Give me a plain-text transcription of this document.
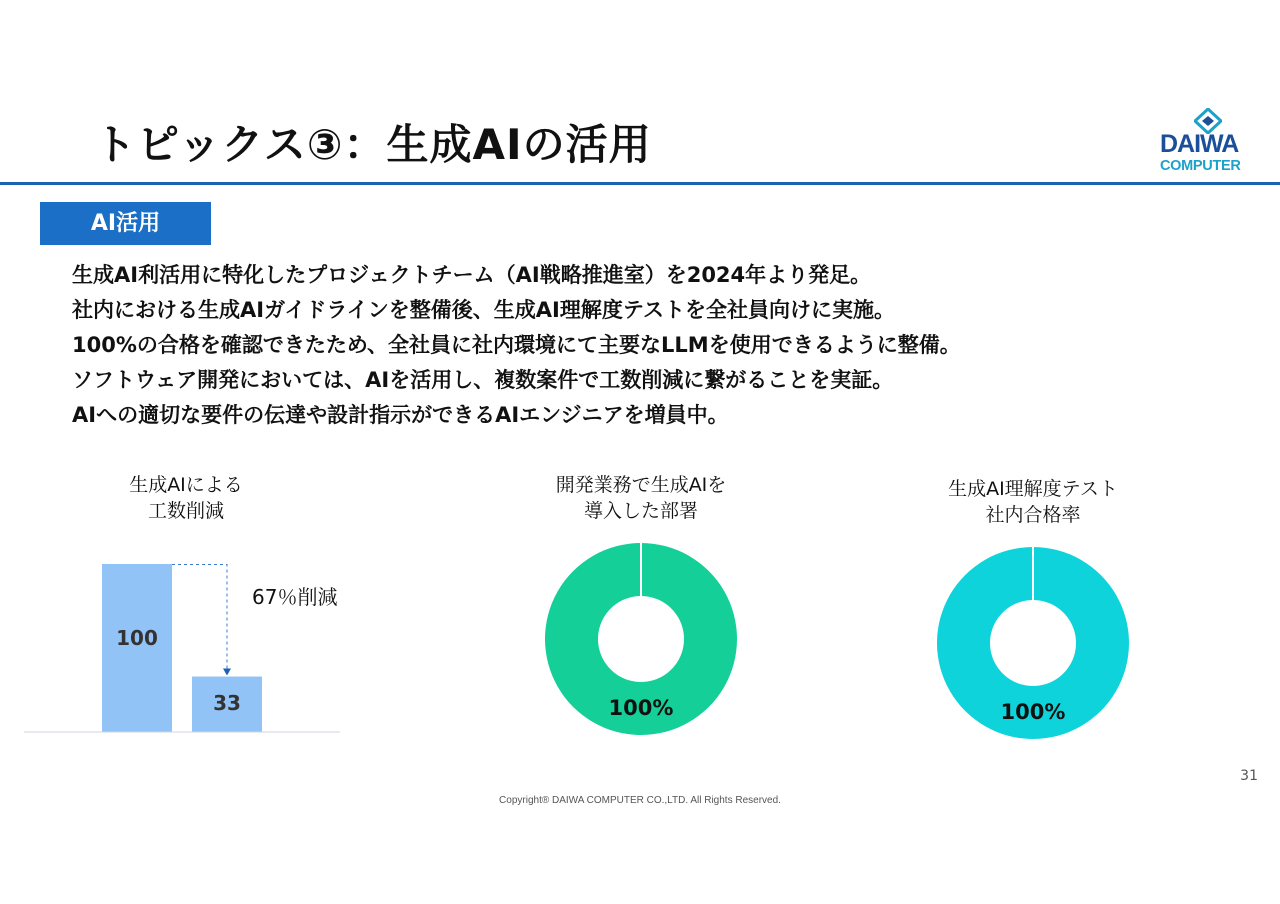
トピックス③：生成AIの活用	DAIWA
COMPUTER
AI活用
生成AI利活用に特化したプロジェクトチーム（AI戦略推進室）を2024年より発足。
社内における生成AIガイドラインを整備後、生成AI理解度テストを全社員向けに実施。
100%の合格を確認できたため、全社員に社内環境にて主要なLLMを使用できるように整備。
ソフトウェア開発においては、AIを活用し、複数案件で工数削減に繋がることを実証。
AIへの適切な要件の伝達や設計指示ができるAIエンジニアを増員中。
生成AIによる
工数削減
100
33
67％削減
開発業務で生成AIを
導入した部署
100%
生成AI理解度テスト
社内合格率
100%
31
Copyright® DAIWA COMPUTER CO.,LTD. All Rights Reserved.
